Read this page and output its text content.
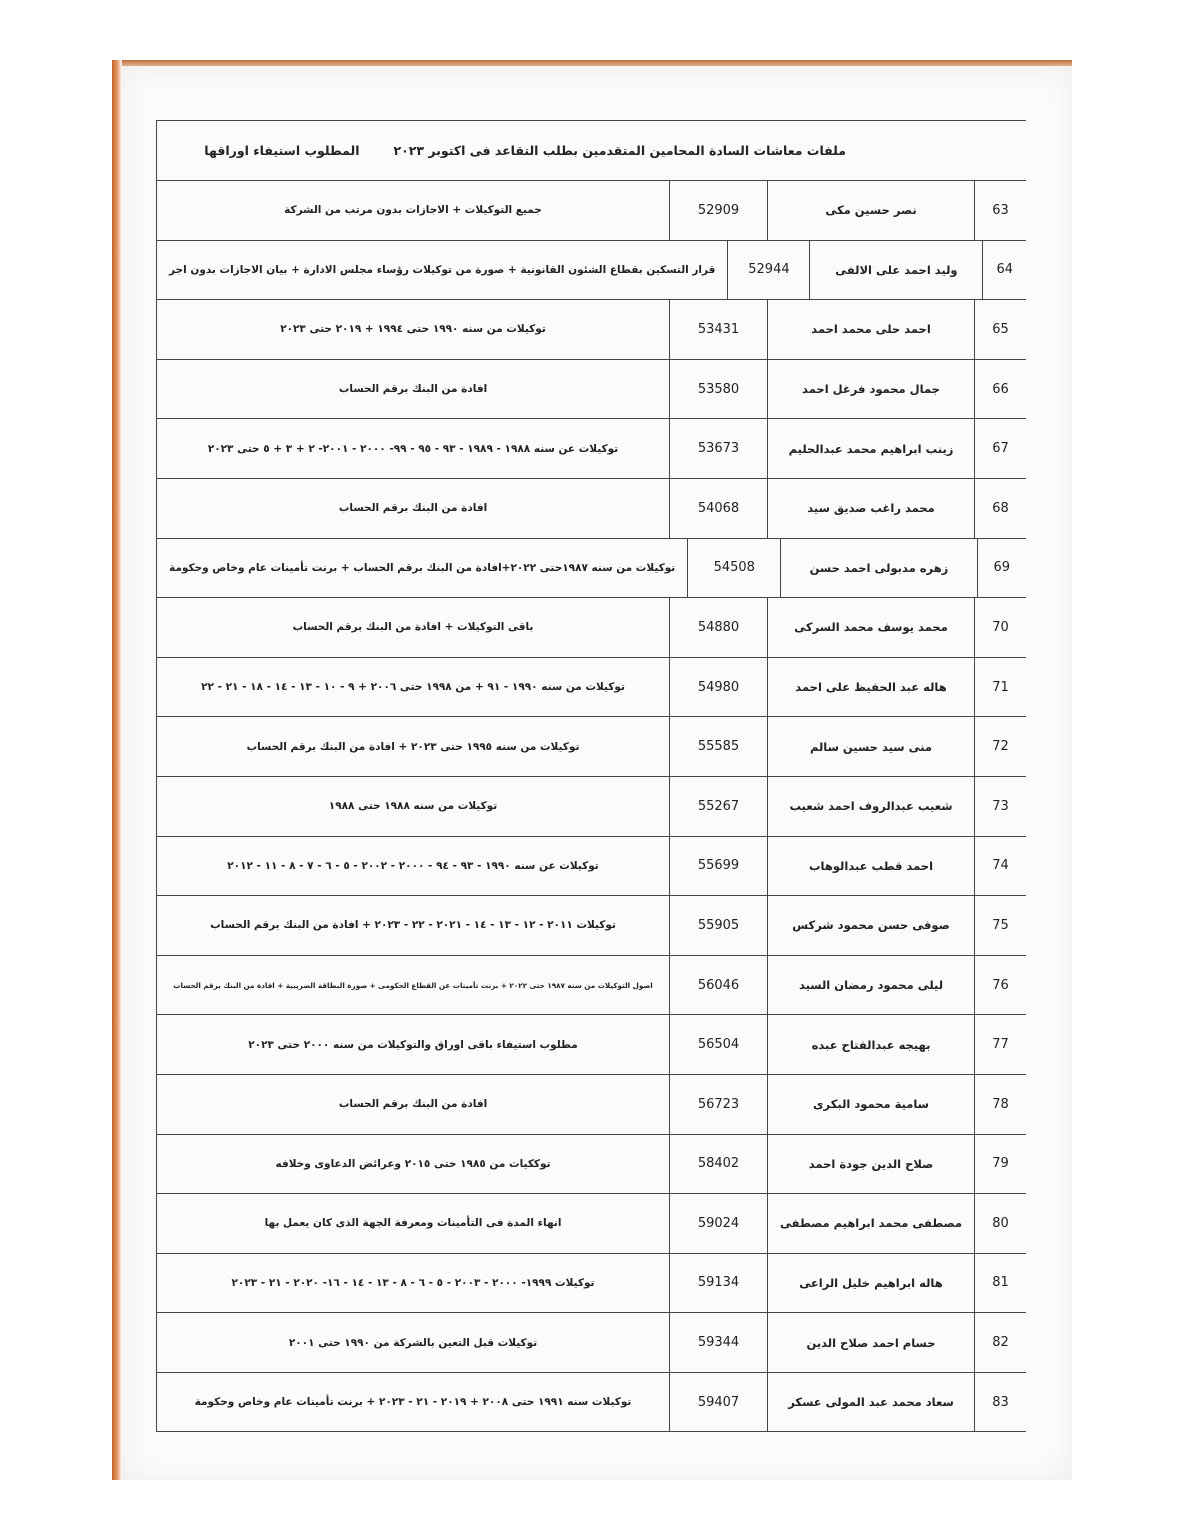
ملفات معاشات السادة المحامين المتقدمين بطلب التقاعد فى اكتوبر ٢٠٢٣
المطلوب استيفاء اوراقها
63
نصر حسين مكى
52909
جميع التوكيلات + الاجازات بدون مرتب من الشركة
64
وليد احمد على الالفى
52944
قرار التسكين بقطاع الشئون القانونية + صورة من توكيلات رؤساء مجلس الادارة + بيان الاجازات بدون اجر
65
احمد حلى محمد احمد
53431
توكيلات من سنه ١٩٩٠ حتى ١٩٩٤ + ٢٠١٩ حتى ٢٠٢٣
66
جمال محمود فرغل احمد
53580
افادة من البنك برقم الحساب
67
زينب ابراهيم محمد عبدالحليم
53673
توكيلات عن سنه ١٩٨٨ - ١٩٨٩ - ٩٣ - ٩٥ - ٩٩- ٢٠٠٠ - ٢٠٠١- ٢ + ٣ + ٥ حتى ٢٠٢٣
68
محمد راغب صديق سيد
54068
افادة من البنك برقم الحساب
69
زهره مدبولى احمد حسن
54508
توكيلات من سنه ١٩٨٧حتى ٢٠٢٢+افادة من البنك برقم الحساب + برنت تأمينات عام وخاص وحكومة
70
محمد يوسف محمد السركى
54880
باقى التوكيلات + افادة من البنك برقم الحساب
71
هاله عبد الحفيظ على احمد
54980
توكيلات من سنه ١٩٩٠ - ٩١ + من ١٩٩٨ حتى ٢٠٠٦ + ٩ - ١٠ - ١٣ - ١٤ - ١٨ - ٢١ - ٢٢
72
منى سيد حسين سالم
55585
توكيلات من سنه ١٩٩٥ حتى ٢٠٢٣ + افادة من البنك برقم الحساب
73
شعيب عبدالروف احمد شعيب
55267
توكيلات من سنه ١٩٨٨ حتى ١٩٨٨
74
احمد قطب عبدالوهاب
55699
توكيلات عن سنه ١٩٩٠ - ٩٣ - ٩٤ - ٢٠٠٠ - ٢٠٠٢ - ٥ - ٦ - ٧ - ٨ - ١١ - ٢٠١٢
75
صوفى حسن محمود شركس
55905
توكيلات ٢٠١١ - ١٢ - ١٣ - ١٤ - ٢٠٢١ - ٢٢ - ٢٠٢٣ + افادة من البنك برقم الحساب
76
ليلى محمود رمضان السيد
56046
اصول التوكيلات من سنه ١٩٨٧ حتى ٢٠٢٢ + برنت تأمينات عن القطاع الحكومى + صورة البطاقة الضريبية + افادة من البنك برقم الحساب
77
بهيجه عبدالفتاح عبده
56504
مطلوب استيفاء باقى اوراق والتوكيلات من سنه ٢٠٠٠ حتى ٢٠٢٣
78
سامية محمود البكرى
56723
افادة من البنك برقم الحساب
79
صلاح الدين جودة احمد
58402
توككيات من ١٩٨٥ حتى ٢٠١٥ وعرائض الدعاوى وخلافه
80
مصطفى محمد ابراهيم مصطفى
59024
انهاء المدة فى التأمينات ومعرفة الجهة الذى كان يعمل بها
81
هاله ابراهيم خليل الراعى
59134
توكيلات ١٩٩٩- ٢٠٠٠ - ٢٠٠٣ - ٥ - ٦ - ٨ - ١٣ - ١٤ - ١٦- ٢٠٢٠ - ٢١ - ٢٠٢٣
82
حسام احمد صلاح الدين
59344
توكيلات قبل التعين بالشركة من ١٩٩٠ حتى ٢٠٠١
83
سعاد محمد عبد المولى عسكر
59407
توكيلات سنه ١٩٩١ حتى ٢٠٠٨ + ٢٠١٩ - ٢١ - ٢٠٢٣ + برنت تأمينات عام وخاص وحكومة
